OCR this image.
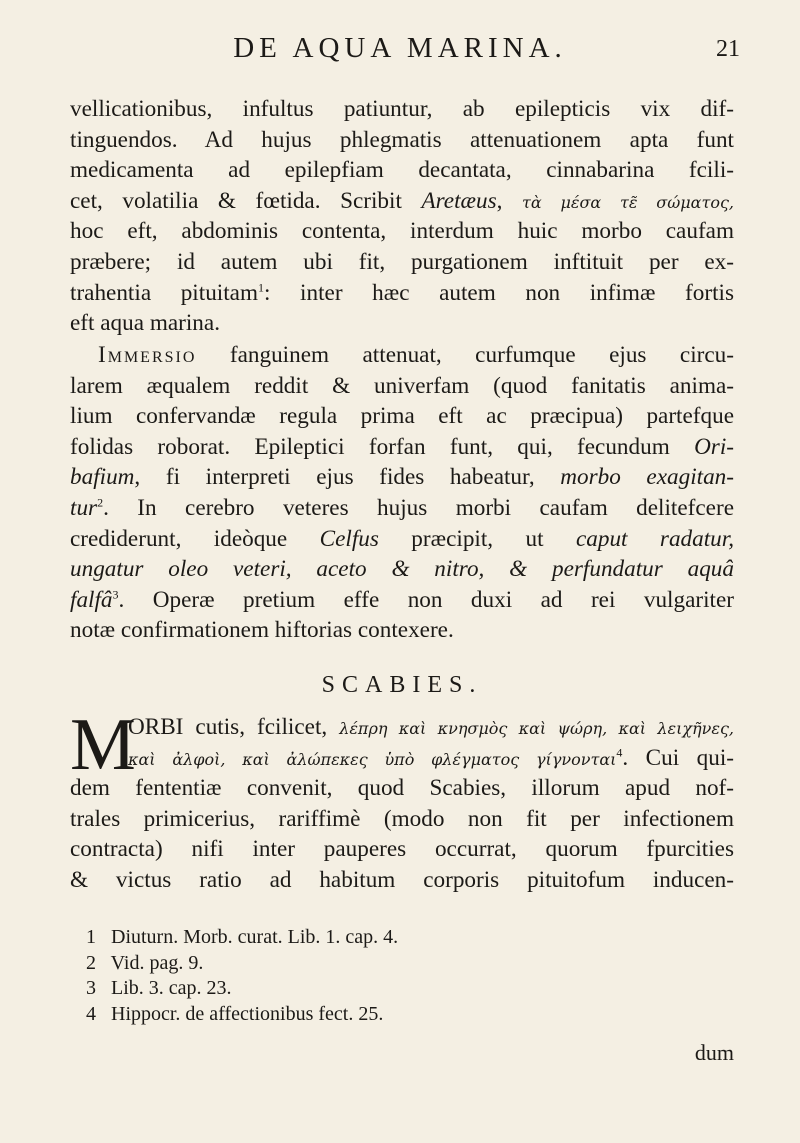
DE AQUA MARINA.	21
vellicationibus, infultus patiuntur, ab epilepticis vix dif-
tinguendos. Ad hujus phlegmatis attenuationem apta funt
medicamenta ad epilepfiam decantata, cinnabarina fcili-
cet, volatilia & fœtida. Scribit Aretæus, τὰ μέσα τε̃ σώματος,
hoc eft, abdominis contenta, interdum huic morbo caufam
præbere; id autem ubi fit, purgationem inftituit per ex-
trahentia pituitam$^1$: inter hæc autem non infimæ fortis
eft aqua marina.
Immersio fanguinem attenuat, curfumque ejus circu-
larem æqualem reddit & univerfam (quod fanitatis anima-
lium confervandæ regula prima eft ac præcipua) partefque
folidas roborat. Epileptici forfan funt, qui, fecundum Ori-
bafium, fi interpreti ejus fides habeatur, morbo exagitan-
tur$^2$. In cerebro veteres hujus morbi caufam delitefcere
crediderunt, ideòque Celfus præcipit, ut caput radatur,
ungatur oleo veteri, aceto & nitro, & perfundatur aquâ
falfâ$^3$. Operæ pretium effe non duxi ad rei vulgariter
notæ confirmationem hiftorias contexere.
SCABIES.
M
ORBI cutis, fcilicet, λέπρη καὶ κνησμὸς καὶ ψώρη, καὶ λειχῆνες,
καὶ ἀλφοὶ, καὶ ἀλώπεκες ὑπὸ φλέγματος γίγνονται$^4$. Cui qui-
dem fententiæ convenit, quod Scabies, illorum apud nof-
trales primicerius, rariffimè (modo non fit per infectionem
contracta) nifi inter pauperes occurrat, quorum fpurcities
& victus ratio ad habitum corporis pituitofum inducen-
1 Diuturn. Morb. curat. Lib. 1. cap. 4.
2 Vid. pag. 9.
3 Lib. 3. cap. 23.
4 Hippocr. de affectionibus fect. 25.
dum
